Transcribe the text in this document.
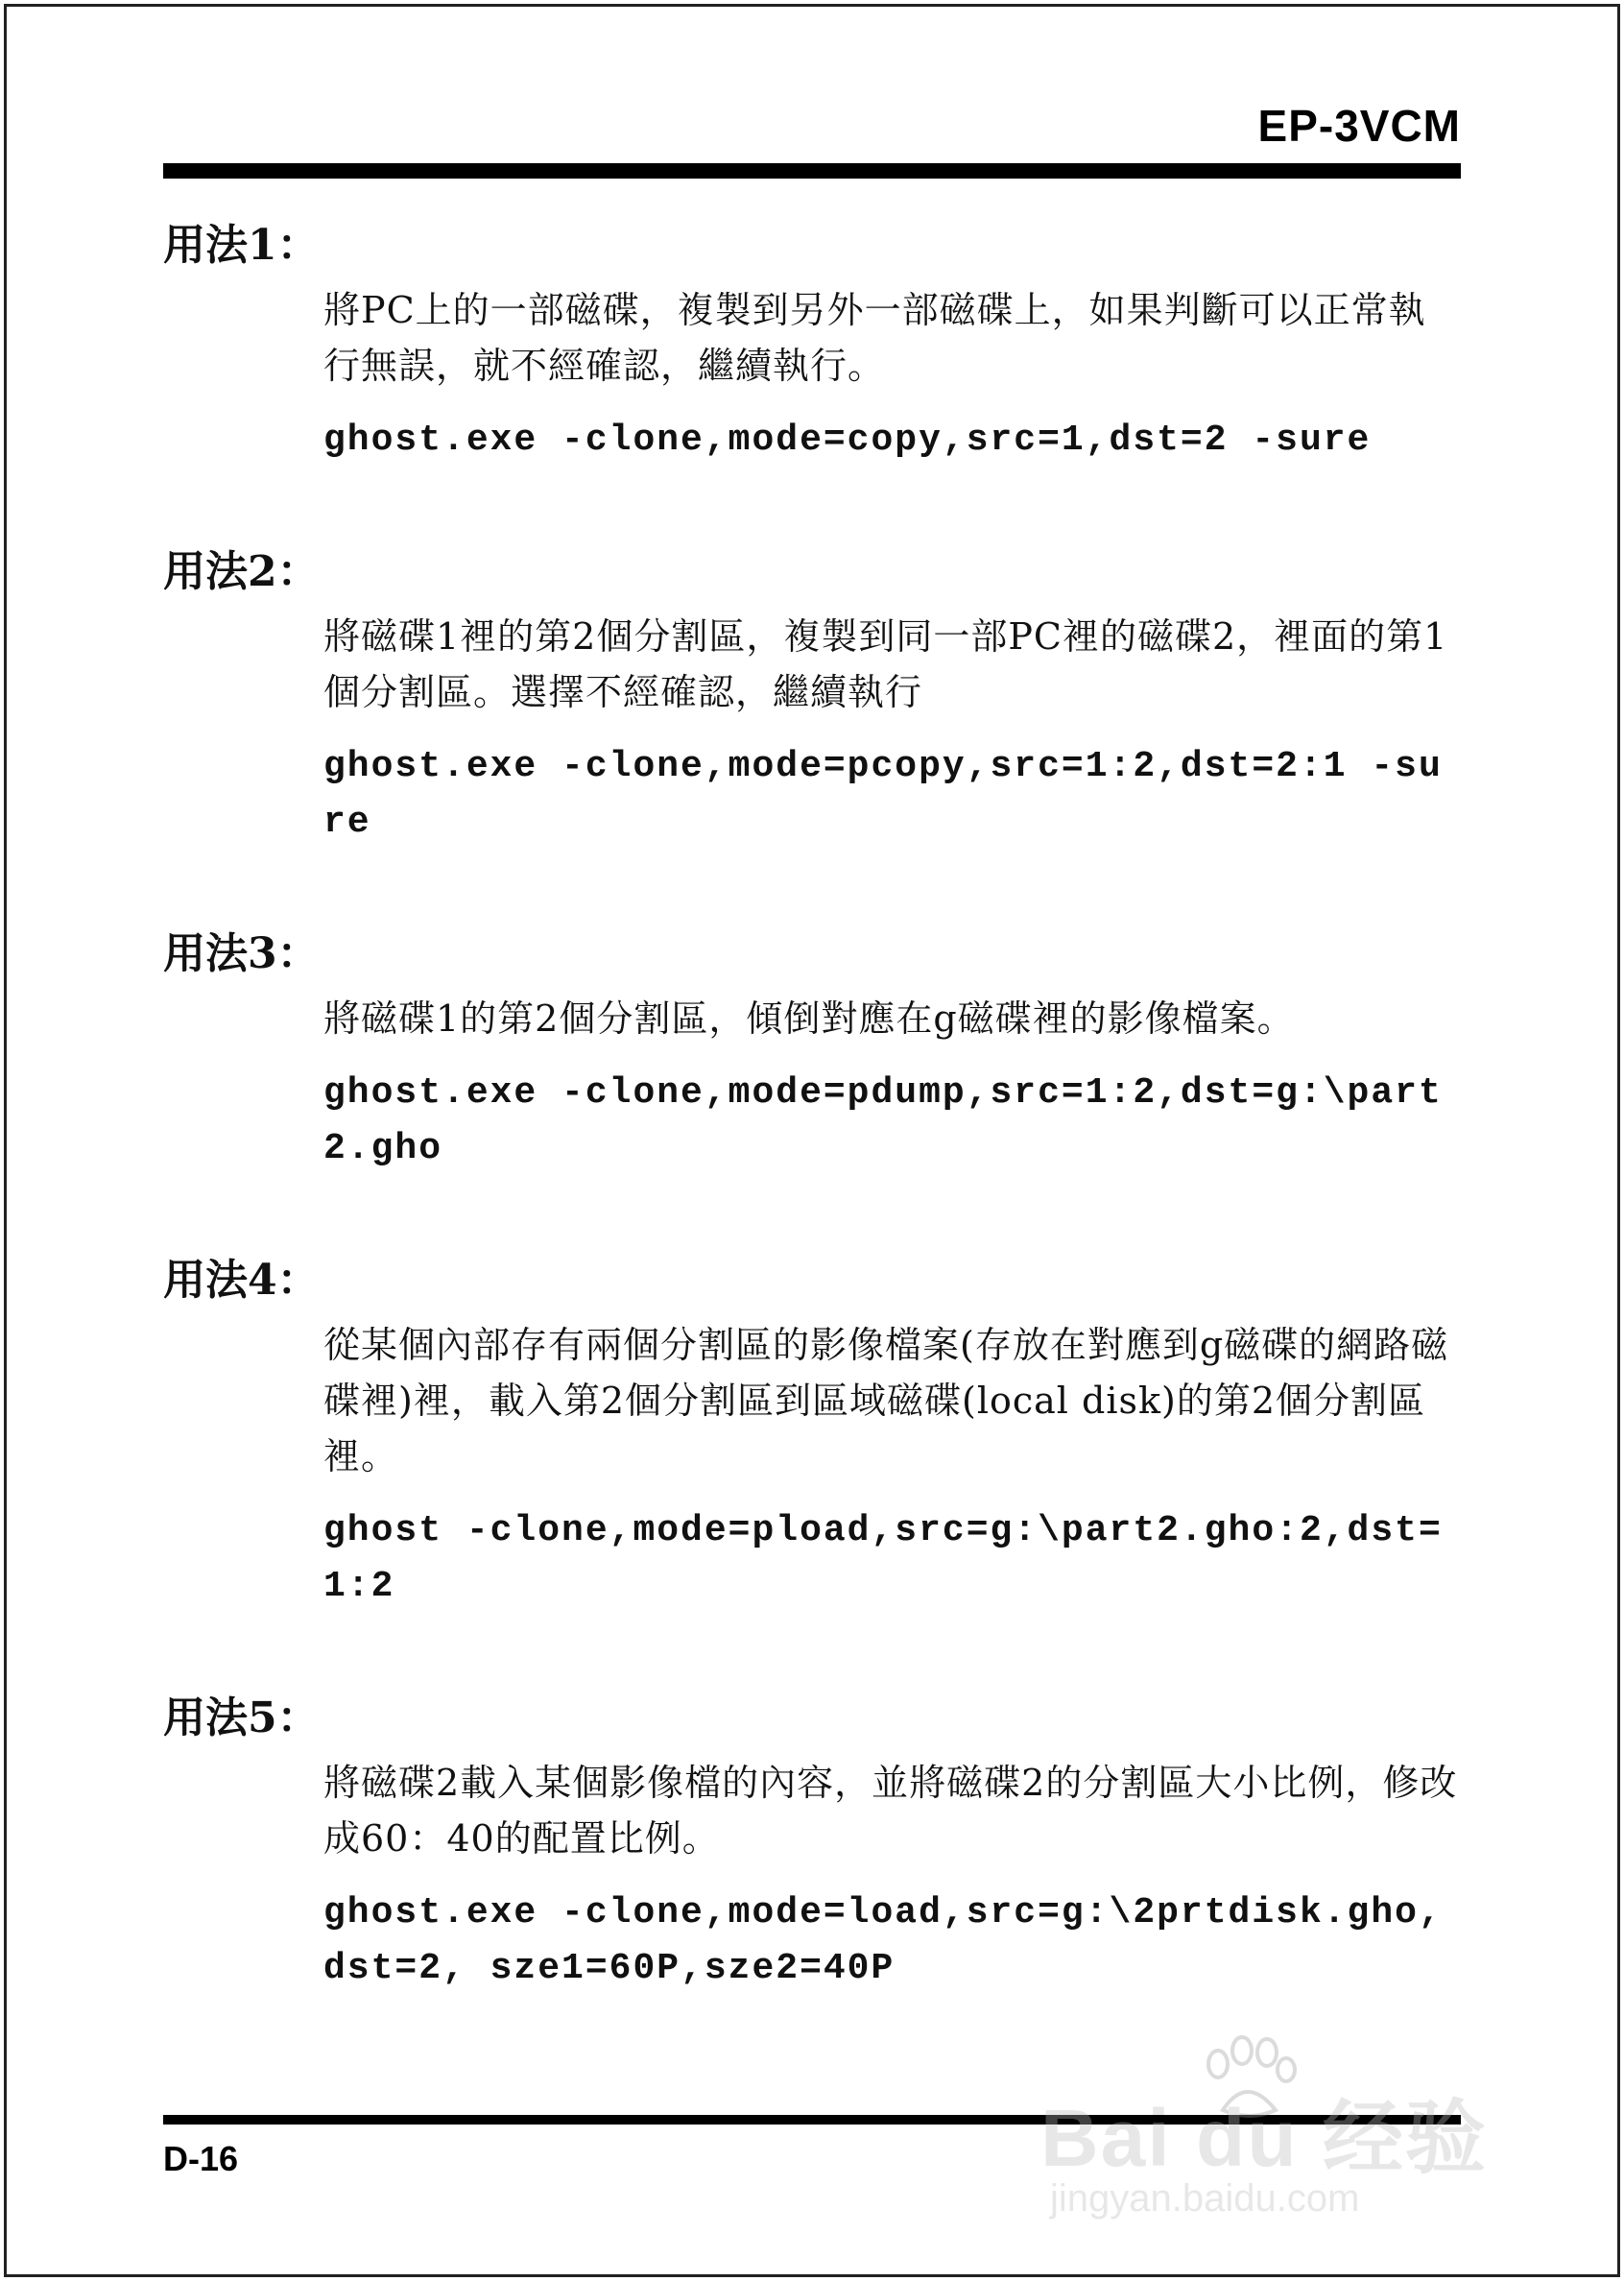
EP-3VCM
用法1：
將PC上的一部磁碟，複製到另外一部磁碟上，如果判斷可以正常執行無誤，就不經確認，繼續執行。
ghost.exe -clone,mode=copy,src=1,dst=2 -sure
用法2：
將磁碟1裡的第2個分割區，複製到同一部PC裡的磁碟2，裡面的第1個分割區。選擇不經確認，繼續執行
ghost.exe -clone,mode=pcopy,src=1:2,dst=2:1 -sure
用法3：
將磁碟1的第2個分割區，傾倒對應在g磁碟裡的影像檔案。
ghost.exe -clone,mode=pdump,src=1:2,dst=g:\part2.gho
用法4：
從某個內部存有兩個分割區的影像檔案(存放在對應到g磁碟的網路磁碟裡)裡，載入第2個分割區到區域磁碟(local disk)的第2個分割區裡。
ghost -clone,mode=pload,src=g:\part2.gho:2,dst=1:2
用法5：
將磁碟2載入某個影像檔的內容，並將磁碟2的分割區大小比例，修改成60：40的配置比例。
ghost.exe -clone,mode=load,src=g:\2prtdisk.gho,dst=2, sze1=60P,sze2=40P
D-16	Bai du 经验
jingyan.baidu.com
